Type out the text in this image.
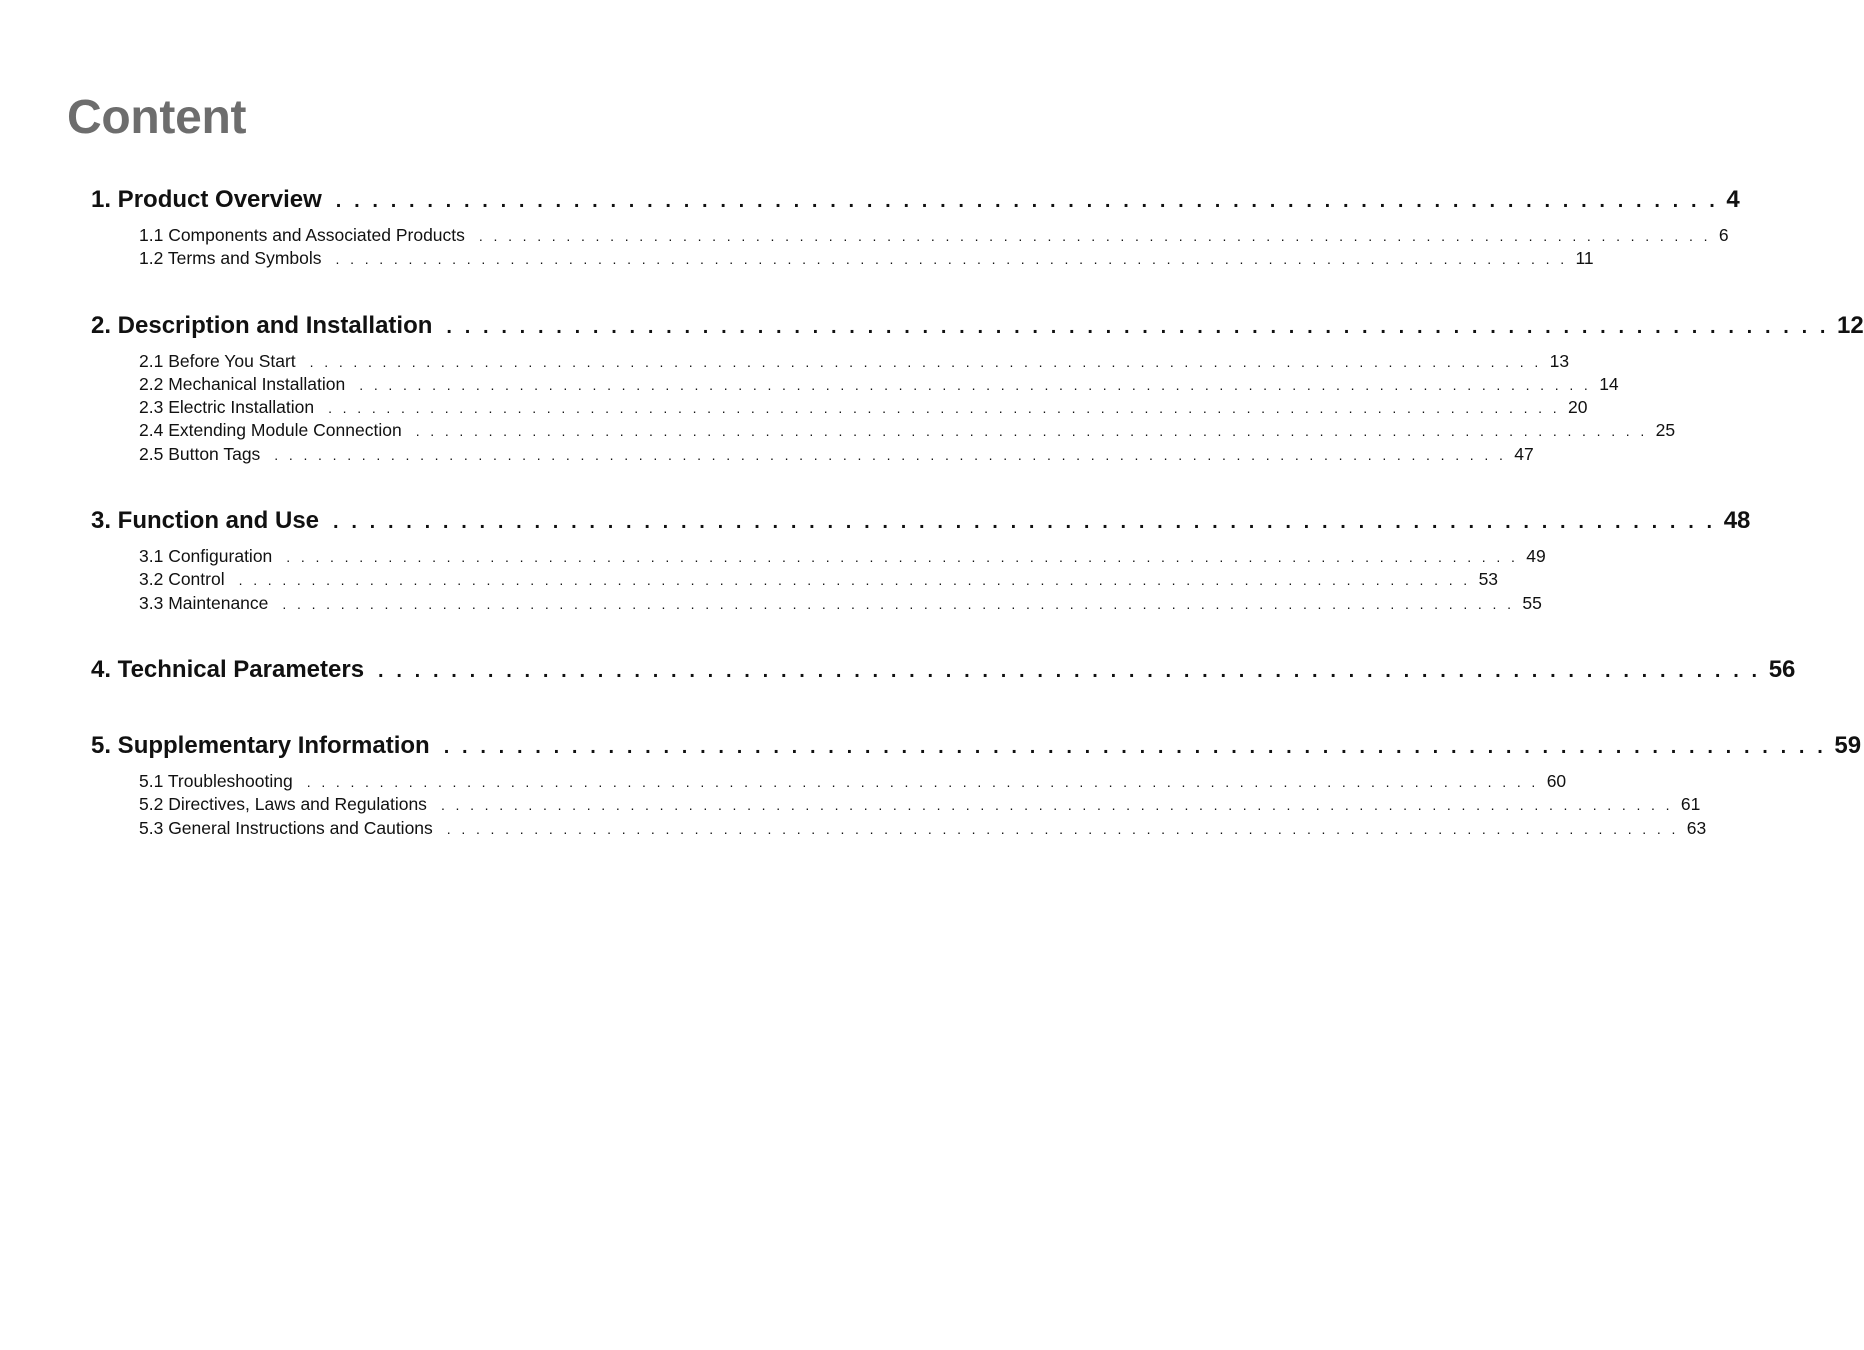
Content
1. Product Overview . . . . . . . . . . . . . . . . . . . . . . . . . . . . . . . . . . . . . . . . . . . . . . . . . . . . . . . . . . . . . . . . . . . . . . . . . . . . 4
1.1 Components and Associated Products . . . . . . . . . . . . . . . . . . . . . . . . . . . . . . . . . . . . . . . . . . . . . . . . . . . . . . . . . . . . . . . . . . . . . . . . . . . . . . . . . . . . . 6
1.2 Terms and Symbols . . . . . . . . . . . . . . . . . . . . . . . . . . . . . . . . . . . . . . . . . . . . . . . . . . . . . . . . . . . . . . . . . . . . . . . . . . . . . . . . . . . . . 11
2. Description and Installation . . . . . . . . . . . . . . . . . . . . . . . . . . . . . . . . . . . . . . . . . . . . . . . . . . . . . . . . . . . . . . . . . . . . . . . . . . . . 12
2.1 Before You Start . . . . . . . . . . . . . . . . . . . . . . . . . . . . . . . . . . . . . . . . . . . . . . . . . . . . . . . . . . . . . . . . . . . . . . . . . . . . . . . . . . . . . 13
2.2 Mechanical Installation . . . . . . . . . . . . . . . . . . . . . . . . . . . . . . . . . . . . . . . . . . . . . . . . . . . . . . . . . . . . . . . . . . . . . . . . . . . . . . . . . . . . . 14
2.3 Electric Installation . . . . . . . . . . . . . . . . . . . . . . . . . . . . . . . . . . . . . . . . . . . . . . . . . . . . . . . . . . . . . . . . . . . . . . . . . . . . . . . . . . . . . 20
2.4 Extending Module Connection . . . . . . . . . . . . . . . . . . . . . . . . . . . . . . . . . . . . . . . . . . . . . . . . . . . . . . . . . . . . . . . . . . . . . . . . . . . . . . . . . . . . . 25
2.5 Button Tags . . . . . . . . . . . . . . . . . . . . . . . . . . . . . . . . . . . . . . . . . . . . . . . . . . . . . . . . . . . . . . . . . . . . . . . . . . . . . . . . . . . . . 47
3. Function and Use . . . . . . . . . . . . . . . . . . . . . . . . . . . . . . . . . . . . . . . . . . . . . . . . . . . . . . . . . . . . . . . . . . . . . . . . . . . . 48
3.1 Configuration . . . . . . . . . . . . . . . . . . . . . . . . . . . . . . . . . . . . . . . . . . . . . . . . . . . . . . . . . . . . . . . . . . . . . . . . . . . . . . . . . . . . . 49
3.2 Control . . . . . . . . . . . . . . . . . . . . . . . . . . . . . . . . . . . . . . . . . . . . . . . . . . . . . . . . . . . . . . . . . . . . . . . . . . . . . . . . . . . . . 53
3.3 Maintenance . . . . . . . . . . . . . . . . . . . . . . . . . . . . . . . . . . . . . . . . . . . . . . . . . . . . . . . . . . . . . . . . . . . . . . . . . . . . . . . . . . . . . 55
4. Technical Parameters . . . . . . . . . . . . . . . . . . . . . . . . . . . . . . . . . . . . . . . . . . . . . . . . . . . . . . . . . . . . . . . . . . . . . . . . . . . . 56
5. Supplementary Information . . . . . . . . . . . . . . . . . . . . . . . . . . . . . . . . . . . . . . . . . . . . . . . . . . . . . . . . . . . . . . . . . . . . . . . . . . . . 59
5.1 Troubleshooting . . . . . . . . . . . . . . . . . . . . . . . . . . . . . . . . . . . . . . . . . . . . . . . . . . . . . . . . . . . . . . . . . . . . . . . . . . . . . . . . . . . . . 60
5.2 Directives, Laws and Regulations . . . . . . . . . . . . . . . . . . . . . . . . . . . . . . . . . . . . . . . . . . . . . . . . . . . . . . . . . . . . . . . . . . . . . . . . . . . . . . . . . . . . . 61
5.3 General Instructions and Cautions . . . . . . . . . . . . . . . . . . . . . . . . . . . . . . . . . . . . . . . . . . . . . . . . . . . . . . . . . . . . . . . . . . . . . . . . . . . . . . . . . . . . . 63
